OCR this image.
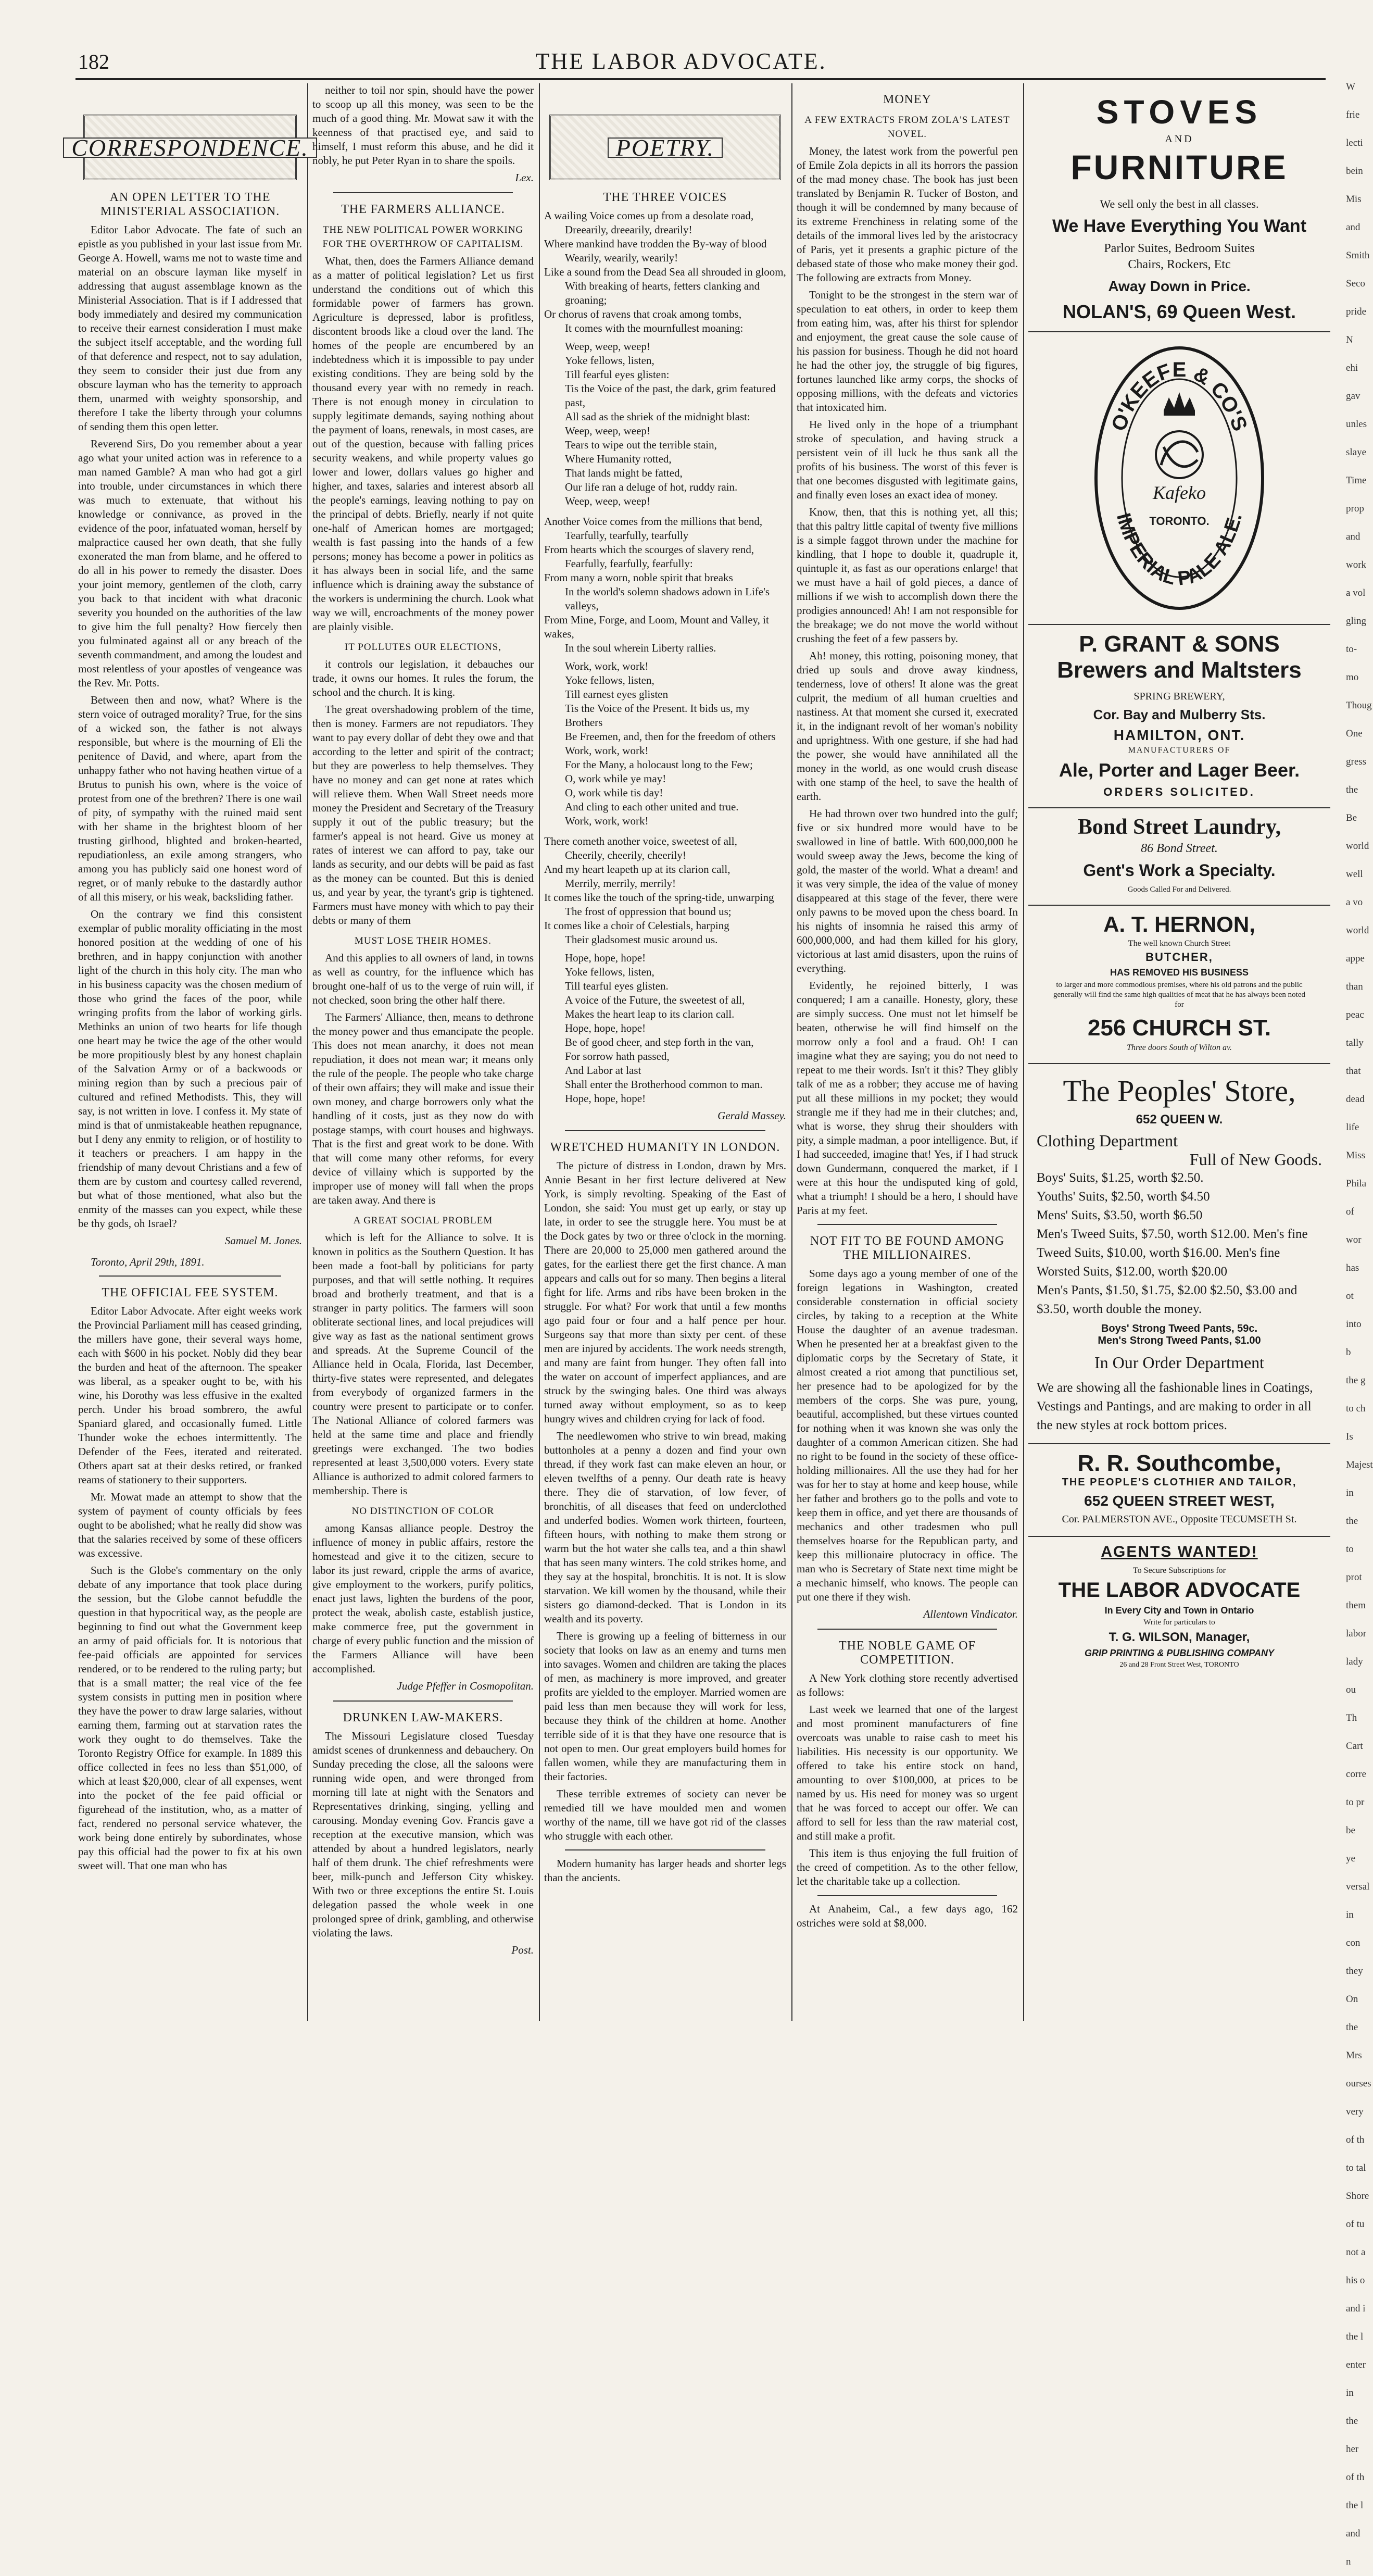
W
frie
lecti
bein
Mis
and
Smith
Seco
pride
N
ehi
gav
unles
slaye
Time
prop
and
work
a vol
gling
to-mo
Thoug
One
gress
the
Be
world
well
a vo
world
appe
than
peac
tally
that
dead
life
Miss
Phila
of wor
has ot
into b
the g
to ch
Is
Majest
in the
to prot
them
labor
lady ou
Th
Cart
corre
to pr
be ye
versal
in con
they
On
the
Mrs
ourses
very
of th
to tal
Shore
of tu
not a
his o
and i
the l
enter
in the
her
of th
the l
and n
182	THE LABOR ADVOCATE.
CORRESPONDENCE.
AN OPEN LETTER TO THE MINISTERIAL ASSOCIATION.

Editor Labor Advocate. The fate of such an epistle as you published in your last issue from Mr. George A. Howell, warns me not to waste time and material on an obscure layman like myself in addressing that august assemblage known as the Ministerial Association. That is if I addressed that body immediately and desired my communication to receive their earnest consideration I must make the subject itself acceptable, and the wording full of that deference and respect, not to say adulation, they seem to consider their just due from any obscure layman who has the temerity to approach them, unarmed with weighty sponsorship, and therefore I take the liberty through your columns of sending them this open letter.

Reverend Sirs, Do you remember about a year ago what your united action was in reference to a man named Gamble? A man who had got a girl into trouble, under circumstances in which there was much to extenuate, that without his knowledge or connivance, as proved in the evidence of the poor, infatuated woman, herself by malpractice caused her own death, that she fully exonerated the man from blame, and he offered to do all in his power to remedy the disaster. Does your joint memory, gentlemen of the cloth, carry you back to that incident with what draconic severity you hounded on the authorities of the law to give him the full penalty? How fiercely then you fulminated against all or any breach of the seventh commandment, and among the loudest and most relentless of your apostles of vengeance was the Rev. Mr. Potts.

Between then and now, what? Where is the stern voice of outraged morality? True, for the sins of a wicked son, the father is not always responsible, but where is the mourning of Eli the penitence of David, and where, apart from the unhappy father who not having heathen virtue of a Brutus to punish his own, where is the voice of protest from one of the brethren? There is one wail of pity, of sympathy with the ruined maid sent with her shame in the brightest bloom of her trusting girlhood, blighted and broken-hearted, repudiationless, an exile among strangers, who among you has publicly said one honest word of regret, or of manly rebuke to the dastardly author of all this misery, or his weak, backsliding father.

On the contrary we find this consistent exemplar of public morality officiating in the most honored position at the wedding of one of his brethren, and in happy conjunction with another light of the church in this holy city. The man who in his business capacity was the chosen medium of those who grind the faces of the poor, while wringing profits from the labor of working girls. Methinks an union of two hearts for life though one heart may be twice the age of the other would be more propitiously blest by any honest chaplain of the Salvation Army or of a backwoods or mining region than by such a precious pair of cultured and refined Methodists. This, they will say, is not written in love. I confess it. My state of mind is that of unmistakeable heathen repugnance, but I deny any enmity to religion, or of hostility to it teachers or preachers. I am happy in the friendship of many devout Christians and a few of them are by custom and courtesy called reverend, but what of those mentioned, what also but the enmity of the masses can you expect, while these be thy gods, oh Israel?

Samuel M. Jones.

Toronto, April 29th, 1891.

THE OFFICIAL FEE SYSTEM.

Editor Labor Advocate. After eight weeks work the Provincial Parliament mill has ceased grinding, the millers have gone, their several ways home, each with $600 in his pocket. Nobly did they bear the burden and heat of the afternoon. The speaker was liberal, as a speaker ought to be, with his wine, his Dorothy was less effusive in the exalted perch. Under his broad sombrero, the awful Spaniard glared, and occasionally fumed. Little Thunder woke the echoes intermittently. The Defender of the Fees, iterated and reiterated. Others apart sat at their desks retired, or franked reams of stationery to their supporters.

Mr. Mowat made an attempt to show that the system of payment of county officials by fees ought to be abolished; what he really did show was that the salaries received by some of these officers was excessive.

Such is the Globe's commentary on the only debate of any importance that took place during the session, but the Globe cannot befuddle the question in that hypocritical way, as the people are beginning to find out what the Government keep an army of paid officials for. It is notorious that fee-paid officials are appointed for services rendered, or to be rendered to the ruling party; but that is a small matter; the real vice of the fee system consists in putting men in position where they have the power to draw large salaries, without earning them, farming out at starvation rates the work they ought to do themselves. Take the Toronto Registry Office for example. In 1889 this office collected in fees no less than $51,000, of which at least $20,000, clear of all expenses, went into the pocket of the fee paid official or figurehead of the institution, who, as a matter of fact, rendered no personal service whatever, the work being done entirely by subordinates, whose pay this official had the power to fix at his own sweet will. That one man who has

neither to toil nor spin, should have the power to scoop up all this money, was seen to be the much of a good thing. Mr. Mowat saw it with the keenness of that practised eye, and said to himself, I must reform this abuse, and he did it nobly, he put Peter Ryan in to share the spoils.

Lex.
THE FARMERS ALLIANCE.
THE NEW POLITICAL POWER WORKING FOR THE OVERTHROW OF CAPITALISM.

What, then, does the Farmers Alliance demand as a matter of political legislation? Let us first understand the conditions out of which this formidable power of farmers has grown. Agriculture is depressed, labor is profitless, discontent broods like a cloud over the land. The homes of the people are encumbered by an indebtedness which it is impossible to pay under existing conditions. They are being sold by the thousand every year with no remedy in reach. There is not enough money in circulation to supply legitimate demands, saying nothing about the payment of loans, renewals, in most cases, are out of the question, because with falling prices security weakens, and while property values go lower and lower, dollars values go higher and higher, and taxes, salaries and interest absorb all the people's earnings, leaving nothing to pay on the principal of debts. Briefly, nearly if not quite one-half of American homes are mortgaged; wealth is fast passing into the hands of a few persons; money has become a power in politics as it has always been in social life, and the same influence which is draining away the substance of the workers is undermining the church. Look what way we will, encroachments of the money power are plainly visible.

IT POLLUTES OUR ELECTIONS,

it controls our legislation, it debauches our trade, it owns our homes. It rules the forum, the school and the church. It is king.

The great overshadowing problem of the time, then is money. Farmers are not repudiators. They want to pay every dollar of debt they owe and that according to the letter and spirit of the contract; but they are powerless to help themselves. They have no money and can get none at rates which will relieve them. When Wall Street needs more money the President and Secretary of the Treasury supply it out of the public treasury; but the farmer's appeal is not heard. Give us money at rates of interest we can afford to pay, take our lands as security, and our debts will be paid as fast as the money can be counted. But this is denied us, and year by year, the tyrant's grip is tightened. Farmers must have money with which to pay their debts or many of them

MUST LOSE THEIR HOMES.

And this applies to all owners of land, in towns as well as country, for the influence which has brought one-half of us to the verge of ruin will, if not checked, soon bring the other half there.

The Farmers' Alliance, then, means to dethrone the money power and thus emancipate the people. This does not mean anarchy, it does not mean repudiation, it does not mean war; it means only the rule of the people. The people who take charge of their own affairs; they will make and issue their own money, and charge borrowers only what the handling of it costs, just as they now do with postage stamps, with court houses and highways. That is the first and great work to be done. With that will come many other reforms, for every device of villainy which is supported by the improper use of money will fall when the props are taken away. And there is

A GREAT SOCIAL PROBLEM

which is left for the Alliance to solve. It is known in politics as the Southern Question. It has been made a foot-ball by politicians for party purposes, and that will settle nothing. It requires broad and brotherly treatment, and that is a stranger in party politics. The farmers will soon obliterate sectional lines, and local prejudices will give way as fast as the national sentiment grows and spreads. At the Supreme Council of the Alliance held in Ocala, Florida, last December, thirty-five states were represented, and delegates from everybody of organized farmers in the country were present to participate or to confer. The National Alliance of colored farmers was held at the same time and place and friendly greetings were exchanged. The two bodies represented at least 3,500,000 voters. Every state Alliance is authorized to admit colored farmers to membership. There is

NO DISTINCTION OF COLOR

among Kansas alliance people. Destroy the influence of money in public affairs, restore the homestead and give it to the citizen, secure to labor its just reward, cripple the arms of avarice, give employment to the workers, purify politics, enact just laws, lighten the burdens of the poor, protect the weak, abolish caste, establish justice, make commerce free, put the government in charge of every public function and the mission of the Farmers Alliance will have been accomplished.

Judge Pfeffer in Cosmopolitan.
DRUNKEN LAW-MAKERS.

The Missouri Legislature closed Tuesday amidst scenes of drunkenness and debauchery. On Sunday preceding the close, all the saloons were running wide open, and were thronged from morning till late at night with the Senators and Representatives drinking, singing, yelling and carousing. Monday evening Gov. Francis gave a reception at the executive mansion, which was attended by about a hundred legislators, nearly half of them drunk. The chief refreshments were beer, milk-punch and Jefferson City whiskey. With two or three exceptions the entire St. Louis delegation passed the whole week in one prolonged spree of drink, gambling, and otherwise violating the laws.

Post.
POETRY.
THE THREE VOICES

A wailing Voice comes up from a desolate road,

Dreearily, dreearily, drearily!

Where mankind have trodden the By-way of blood

Wearily, wearily, wearily!

Like a sound from the Dead Sea all shrouded in gloom,

With breaking of hearts, fetters clanking and groaning;

Or chorus of ravens that croak among tombs,

It comes with the mournfullest moaning:

Weep, weep, weep!

Yoke fellows, listen,

Till fearful eyes glisten:

Tis the Voice of the past, the dark, grim featured past,

All sad as the shriek of the midnight blast:

Weep, weep, weep!

Tears to wipe out the terrible stain,

Where Humanity rotted,

That lands might be fatted,

Our life ran a deluge of hot, ruddy rain.

Weep, weep, weep!

Another Voice comes from the millions that bend,

Tearfully, tearfully, tearfully

From hearts which the scourges of slavery rend,

Fearfully, fearfully, fearfully:

From many a worn, noble spirit that breaks

In the world's solemn shadows adown in Life's valleys,

From Mine, Forge, and Loom, Mount and Valley, it wakes,

In the soul wherein Liberty rallies.

Work, work, work!

Yoke fellows, listen,

Till earnest eyes glisten

Tis the Voice of the Present. It bids us, my Brothers

Be Freemen, and, then for the freedom of others

Work, work, work!

For the Many, a holocaust long to the Few;

O, work while ye may!

O, work while tis day!

And cling to each other united and true.

Work, work, work!

There cometh another voice, sweetest of all,

Cheerily, cheerily, cheerily!

And my heart leapeth up at its clarion call,

Merrily, merrily, merrily!

It comes like the touch of the spring-tide, unwarping

The frost of oppression that bound us;

It comes like a choir of Celestials, harping

Their gladsomest music around us.

Hope, hope, hope!

Yoke fellows, listen,

Till tearful eyes glisten.

A voice of the Future, the sweetest of all,

Makes the heart leap to its clarion call.

Hope, hope, hope!

Be of good cheer, and step forth in the van,

For sorrow hath passed,

And Labor at last

Shall enter the Brotherhood common to man.

Hope, hope, hope!

Gerald Massey.
WRETCHED HUMANITY IN LONDON.

The picture of distress in London, drawn by Mrs. Annie Besant in her first lecture delivered at New York, is simply revolting. Speaking of the East of London, she said: You must get up early, or stay up late, in order to see the struggle here. You must be at the Dock gates by two or three o'clock in the morning. There are 20,000 to 25,000 men gathered around the gates, for the earliest there get the first chance. A man appears and calls out for so many. Then begins a literal fight for life. Arms and ribs have been broken in the struggle. For what? For work that until a few months ago paid four or four and a half pence per hour. Surgeons say that more than sixty per cent. of these men are injured by accidents. The work needs strength, and many are faint from hunger. They often fall into the water on account of imperfect appliances, and are struck by the swinging bales. One third was always turned away without employment, so as to keep hungry wives and children crying for lack of food.

The needlewomen who strive to win bread, making buttonholes at a penny a dozen and find your own thread, if they work fast can make eleven an hour, or eleven twelfths of a penny. Our death rate is heavy there. They die of starvation, of low fever, of bronchitis, of all diseases that feed on underclothed and underfed bodies. Women work thirteen, fourteen, fifteen hours, with nothing to make them strong or warm but the hot water she calls tea, and a thin shawl that has seen many winters. The cold strikes home, and they say at the hospital, bronchitis. It is not. It is slow starvation. We kill women by the thousand, while their sisters go diamond-decked. That is London in its wealth and its poverty.

There is growing up a feeling of bitterness in our society that looks on law as an enemy and turns men into savages. Women and children are taking the places of men, as machinery is more improved, and greater profits are yielded to the employer. Married women are paid less than men because they will work for less, because they think of the children at home. Another terrible side of it is that they have one resource that is not open to men. Our great employers build homes for fallen women, while they are manufacturing them in their factories.

These terrible extremes of society can never be remedied till we have moulded men and women worthy of the name, till we have got rid of the classes who struggle with each other.

Modern humanity has larger heads and shorter legs than the ancients.

MONEY
A FEW EXTRACTS FROM ZOLA'S LATEST NOVEL.

Money, the latest work from the powerful pen of Emile Zola depicts in all its horrors the passion of the mad money chase. The book has just been translated by Benjamin R. Tucker of Boston, and though it will be condemned by many because of its extreme Frenchiness in relating some of the details of the immoral lives led by the aristocracy of Paris, yet it presents a graphic picture of the debased state of those who make money their god. The following are extracts from Money.

Tonight to be the strongest in the stern war of speculation to eat others, in order to keep them from eating him, was, after his thirst for splendor and enjoyment, the great cause the sole cause of his passion for business. Though he did not hoard he had the other joy, the struggle of big figures, fortunes launched like army corps, the shocks of opposing millions, with the defeats and victories that intoxicated him.

He lived only in the hope of a triumphant stroke of speculation, and having struck a persistent vein of ill luck he thus sank all the profits of his business. The worst of this fever is that one becomes disgusted with legitimate gains, and finally even loses an exact idea of money.

Know, then, that this is nothing yet, all this; that this paltry little capital of twenty five millions is a simple faggot thrown under the machine for kindling, that I hope to double it, quadruple it, quintuple it, as fast as our operations enlarge! that we must have a hail of gold pieces, a dance of millions if we wish to accomplish down there the prodigies announced! Ah! I am not responsible for the breakage; we do not move the world without crushing the feet of a few passers by.

Ah! money, this rotting, poisoning money, that dried up souls and drove away kindness, tenderness, love of others! It alone was the great culprit, the medium of all human cruelties and nastiness. At that moment she cursed it, execrated it, in the indignant revolt of her woman's nobility and uprightness. With one gesture, if she had had the power, she would have annihilated all the money in the world, as one would crush disease with one stamp of the heel, to save the health of earth.

He had thrown over two hundred into the gulf; five or six hundred more would have to be swallowed in line of battle. With 600,000,000 he would sweep away the Jews, become the king of gold, the master of the world. What a dream! and it was very simple, the idea of the value of money disappeared at this stage of the fever, there were only pawns to be moved upon the chess board. In his nights of insomnia he raised this army of 600,000,000, and had them killed for his glory, victorious at last amid disasters, upon the ruins of everything.

Evidently, he rejoined bitterly, I was conquered; I am a canaille. Honesty, glory, these are simply success. One must not let himself be beaten, otherwise he will find himself on the morrow only a fool and a fraud. Oh! I can imagine what they are saying; you do not need to repeat to me their words. Isn't it this? They glibly talk of me as a robber; they accuse me of having put all these millions in my pocket; they would strangle me if they had me in their clutches; and, what is worse, they shrug their shoulders with pity, a simple madman, a poor intelligence. But, if I had succeeded, imagine that! Yes, if I had struck down Gundermann, conquered the market, if I were at this hour the undisputed king of gold, what a triumph! I should be a hero, I should have Paris at my feet.

NOT FIT TO BE FOUND AMONG THE MILLIONAIRES.

Some days ago a young member of one of the foreign legations in Washington, created considerable consternation in official society circles, by taking to a reception at the White House the daughter of an avenue tradesman. When he presented her at a breakfast given to the diplomatic corps by the Secretary of State, it almost created a riot among that punctilious set, her presence had to be apologized for by the members of the corps. She was pure, young, beautiful, accomplished, but these virtues counted for nothing when it was known she was only the daughter of a common American citizen. She had no right to be found in the society of these office-holding millionaires. All the use they had for her was for her to stay at home and keep house, while her father and brothers go to the polls and vote to keep them in office, and yet there are thousands of mechanics and other tradesmen who pull themselves hoarse for the Republican party, and keep this millionaire plutocracy in office. The man who is Secretary of State next time might be a mechanic himself, who knows. The people can put one there if they wish.

Allentown Vindicator.
THE NOBLE GAME OF COMPETITION.

A New York clothing store recently advertised as follows:

Last week we learned that one of the largest and most prominent manufacturers of fine overcoats was unable to raise cash to meet his liabilities. His necessity is our opportunity. We offered to take his entire stock on hand, amounting to over $100,000, at prices to be named by us. His need for money was so urgent that he was forced to accept our offer. We can afford to sell for less than the raw material cost, and still make a profit.

This item is thus enjoying the full fruition of the creed of competition. As to the other fellow, let the charitable take up a collection.

At Anaheim, Cal., a few days ago, 162 ostriches were sold at $8,000.

STOVES
AND
FURNITURE
We sell only the best in all classes.
We Have Everything You Want
Parlor Suites, Bedroom Suites
Chairs, Rockers, Etc
Away Down in Price.
NOLAN'S, 69 Queen West.
O'KEEFE & CO'S
IMPERIAL PALE ALE.
Kafeko
TORONTO.
P. GRANT & SONS
Brewers and Maltsters
SPRING BREWERY,
Cor. Bay and Mulberry Sts.
HAMILTON, ONT.
MANUFACTURERS OF
Ale, Porter and Lager Beer.
ORDERS SOLICITED.
Bond Street Laundry,
86 Bond Street.
Gent's Work a Specialty.
Goods Called For and Delivered.
A. T. HERNON,
The well known Church Street
BUTCHER,
HAS REMOVED HIS BUSINESS
to larger and more commodious premises, where his old patrons and the public generally will find the same high qualities of meat that he has always been noted for
256 CHURCH ST.
Three doors South of Wilton av.
The Peoples' Store,
652 QUEEN W.
Clothing Department
Full of New Goods.
Boys' Suits, $1.25, worth $2.50.
Youths' Suits, $2.50, worth $4.50
Mens' Suits, $3.50, worth $6.50
Men's Tweed Suits, $7.50, worth $12.00. Men's fine Tweed Suits, $10.00, worth $16.00. Men's fine Worsted Suits, $12.00, worth $20.00
Men's Pants, $1.50, $1.75, $2.00 $2.50, $3.00 and $3.50, worth double the money.
Boys' Strong Tweed Pants, 59c.
Men's Strong Tweed Pants, $1.00
In Our Order Department
We are showing all the fashionable lines in Coatings, Vestings and Pantings, and are making to order in all the new styles at rock bottom prices.
R. R. Southcombe,
THE PEOPLE'S CLOTHIER AND TAILOR,
652 QUEEN STREET WEST,
Cor. PALMERSTON AVE., Opposite TECUMSETH St.
AGENTS WANTED!
To Secure Subscriptions for
THE LABOR ADVOCATE
In Every City and Town in Ontario
Write for particulars to
T. G. WILSON, Manager,
GRIP PRINTING & PUBLISHING COMPANY
26 and 28 Front Street West, TORONTO
